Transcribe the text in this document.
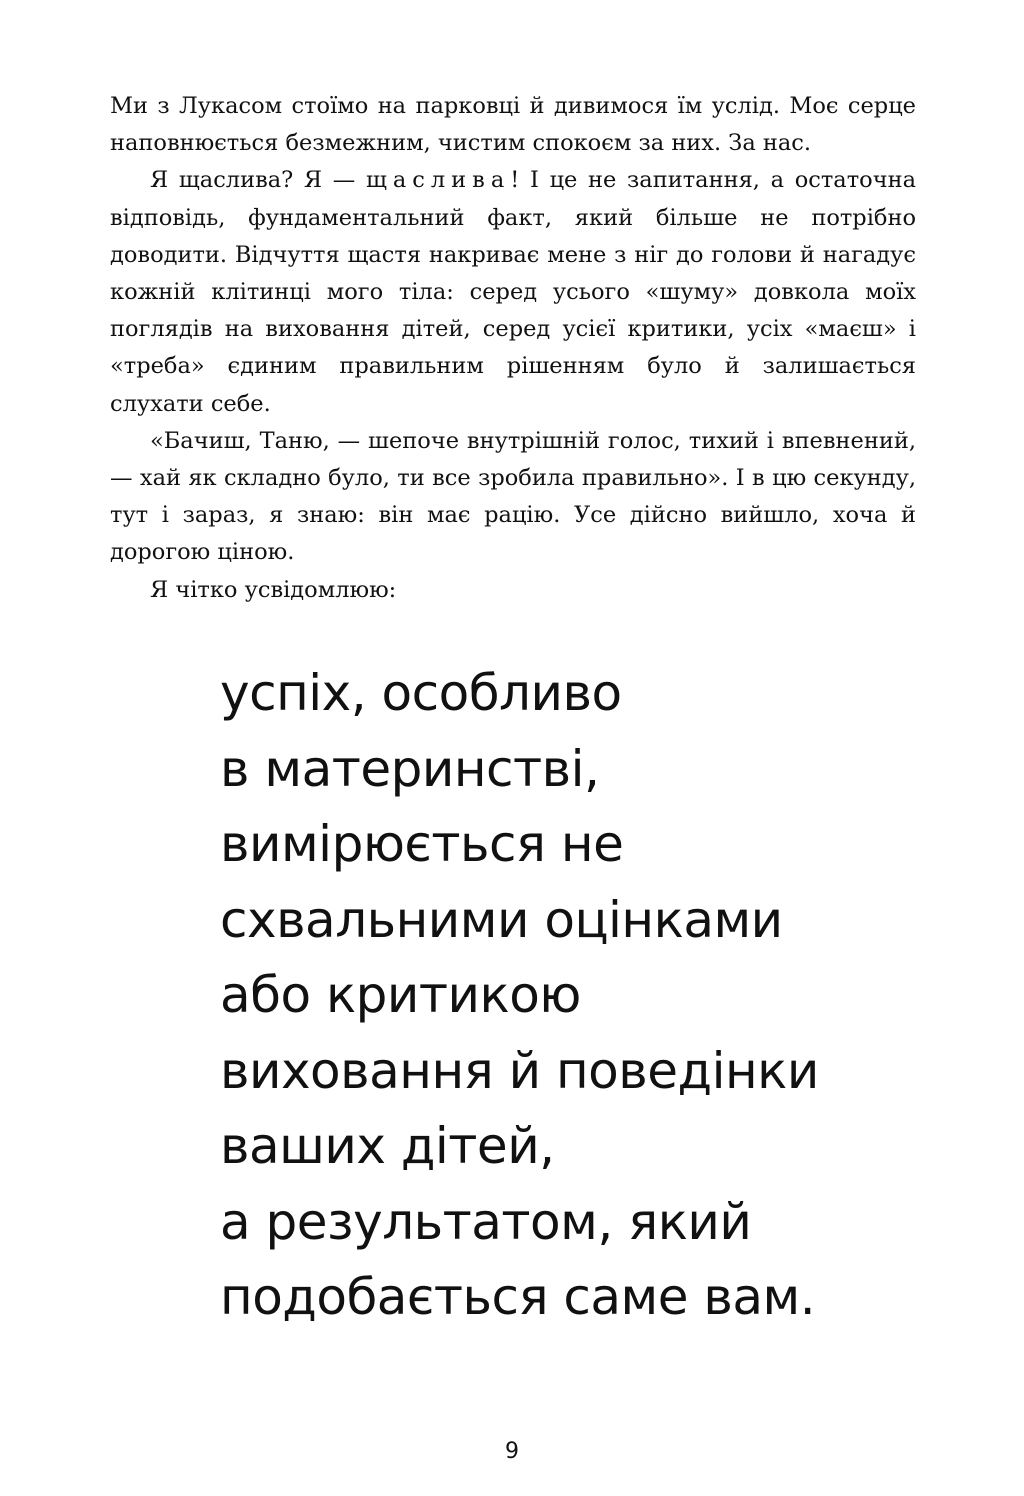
Ми з Лукасом стоїмо на парковці й дивимося їм услід. Моє серце наповнюється безмежним, чистим спокоєм за них. За нас.

Я щаслива? Я — щаслива! І це не запитання, а остаточна відповідь, фундаментальний факт, який більше не потрібно доводити. Відчуття щастя накриває мене з ніг до голови й нагадує кожній клітинці мого тіла: серед усього «шуму» довкола моїх поглядів на виховання дітей, серед усієї критики, усіх «маєш» і «треба» єдиним правильним рішенням було й залишається слухати себе.

«Бачиш, Таню, — шепоче внутрішній голос, тихий і впевнений, — хай як складно було, ти все зробила правильно». І в цю секунду, тут і зараз, я знаю: він має рацію. Усе дійсно вийшло, хоча й дорогою ціною.

Я чітко усвідомлюю:

успіх, особливо
в материнстві,
вимірюється не
схвальними оцінками
або критикою
виховання й поведінки
ваших дітей,
а результатом, який
подобається саме вам.
9
